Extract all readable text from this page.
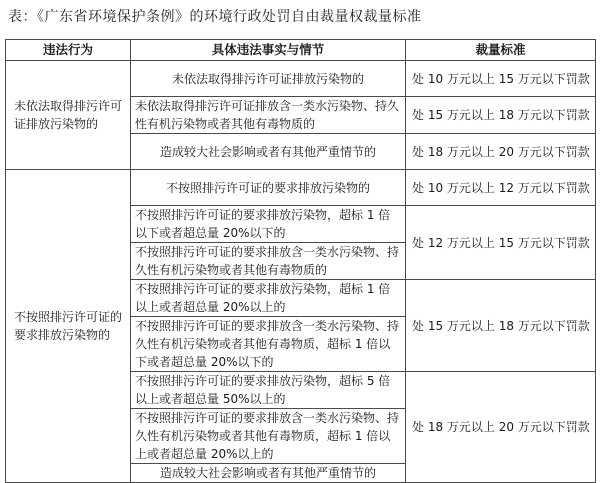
表：《广东省环境保护条例》的环境行政处罚自由裁量权裁量标准
违法行为	具体违法事实与情节	裁量标准
未依法取得排污许可证排放污染物的	未依法取得排污许可证排放污染物的	处 10 万元以上 15 万元以下罚款
	未依法取得排污许可证排放含一类水污染物、持久性有机污染物或者其他有毒物质的	处 15 万元以上 18 万元以下罚款
	造成较大社会影响或者有其他严重情节的	处 18 万元以上 20 万元以下罚款
不按照排污许可证的要求排放污染物的	不按照排污许可证的要求排放污染物的	处 10 万元以上 12 万元以下罚款
	不按照排污许可证的要求排放污染物，超标 1 倍以下或者超总量 20%以下的	处 12 万元以上 15 万元以下罚款
	不按照排污许可证的要求排放含一类水污染物、持久性有机污染物或者其他有毒物质的	
	不按照排污许可证的要求排放污染物，超标 1 倍以上或者超总量 20%以上的	处 15 万元以上 18 万元以下罚款
	不按照排污许可证的要求排放含一类水污染物、持久性有机污染物或者其他有毒物质，超标 1 倍以下或者超总量 20%以下的	
	不按照排污许可证的要求排放污染物，超标 5 倍以上或者超总量 50%以上的	处 18 万元以上 20 万元以下罚款
	不按照排污许可证的要求排放含一类水污染物、持久性有机污染物或者其他有毒物质，超标 1 倍以上或者超总量 20%以上的	
	造成较大社会影响或者有其他严重情节的	
